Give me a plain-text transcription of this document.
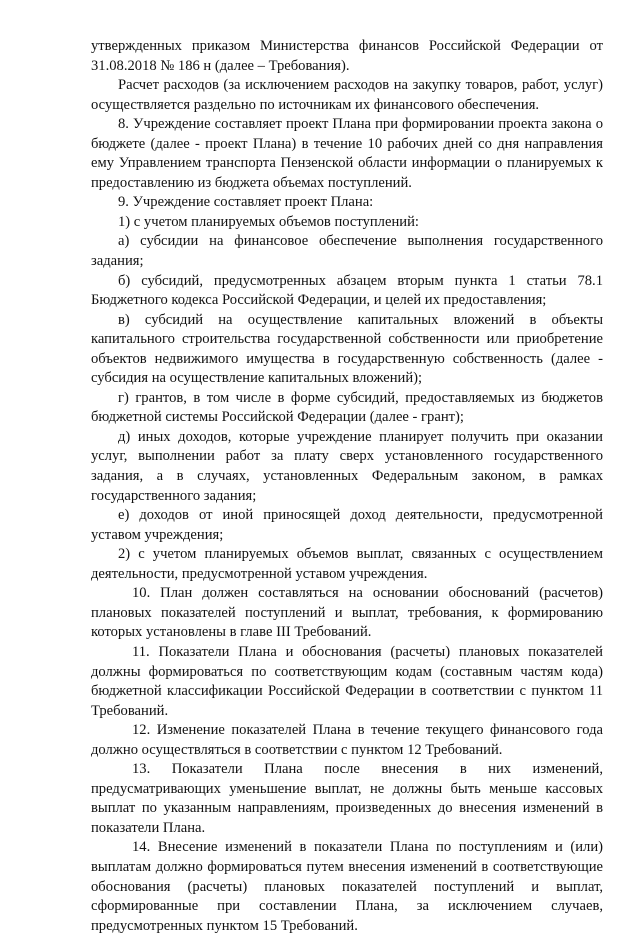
утвержденных приказом Министерства финансов Российской Федерации от 31.08.2018 № 186 н (далее – Требования).

Расчет расходов (за исключением расходов на закупку товаров, работ, услуг) осуществляется раздельно по источникам их финансового обеспечения.

8. Учреждение составляет проект Плана при формировании проекта закона о бюджете (далее - проект Плана) в течение 10 рабочих дней со дня направления ему Управлением транспорта Пензенской области информации о планируемых к предоставлению из бюджета объемах поступлений.

9. Учреждение составляет проект Плана:

1) с учетом планируемых объемов поступлений:

а) субсидии на финансовое обеспечение выполнения государственного задания;

б) субсидий, предусмотренных абзацем вторым пункта 1 статьи 78.1 Бюджетного кодекса Российской Федерации, и целей их предоставления;

в) субсидий на осуществление капитальных вложений в объекты капитального строительства государственной собственности или приобретение объектов недвижимого имущества в государственную собственность (далее - субсидия на осуществление капитальных вложений);

г) грантов, в том числе в форме субсидий, предоставляемых из бюджетов бюджетной системы Российской Федерации (далее - грант);

д) иных доходов, которые учреждение планирует получить при оказании услуг, выполнении работ за плату сверх установленного государственного задания, а в случаях, установленных Федеральным законом, в рамках государственного задания;

е) доходов от иной приносящей доход деятельности, предусмотренной уставом учреждения;

2) с учетом планируемых объемов выплат, связанных с осуществлением деятельности, предусмотренной уставом учреждения.

10. План должен составляться на основании обоснований (расчетов) плановых показателей поступлений и выплат, требования, к формированию которых установлены в главе III Требований.

11. Показатели Плана и обоснования (расчеты) плановых показателей должны формироваться по соответствующим кодам (составным частям кода) бюджетной классификации Российской Федерации в соответствии с пунктом 11 Требований.

12. Изменение показателей Плана в течение текущего финансового года должно осуществляться в соответствии с пунктом 12 Требований.

13. Показатели Плана после внесения в них изменений, предусматривающих уменьшение выплат, не должны быть меньше кассовых выплат по указанным направлениям, произведенных до внесения изменений в показатели Плана.

14. Внесение изменений в показатели Плана по поступлениям и (или) выплатам должно формироваться путем внесения изменений в соответствующие обоснования (расчеты) плановых показателей поступлений и выплат, сформированные при составлении Плана, за исключением случаев, предусмотренных пунктом 15 Требований.
